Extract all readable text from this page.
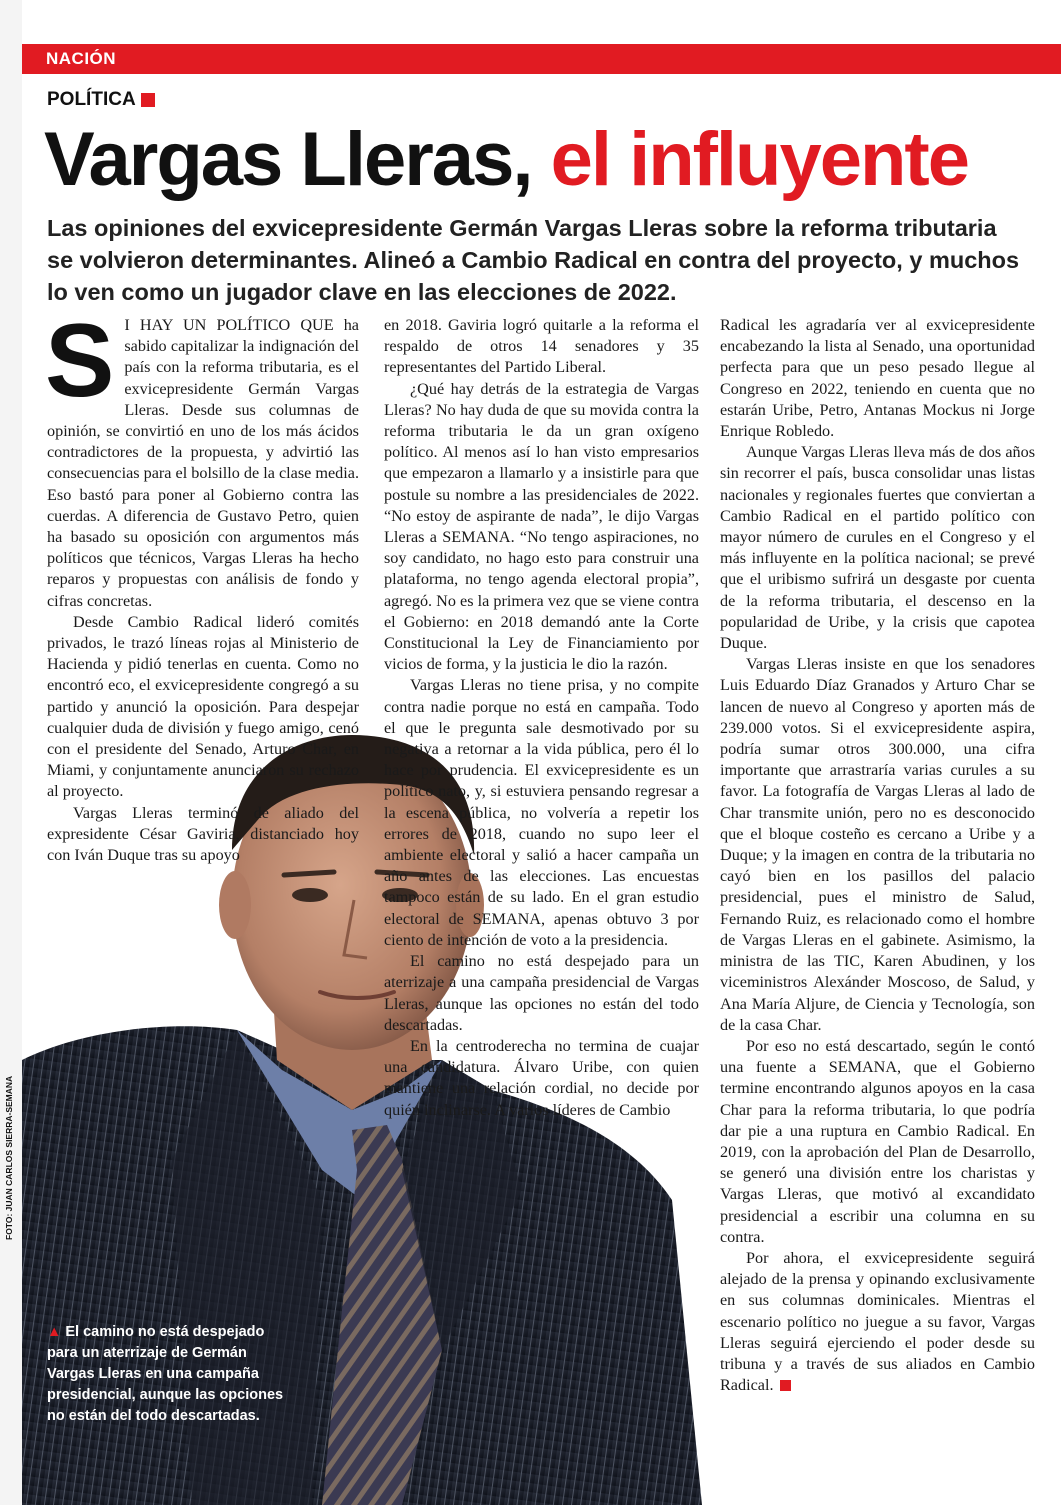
NACIÓN
POLÍTICA
Vargas Lleras, el influyente
Las opiniones del exvicepresidente Germán Vargas Lleras sobre la reforma tributaria se volvieron determinantes. Alineó a Cambio Radical en contra del proyecto, y muchos lo ven como un jugador clave en las elecciones de 2022.
▲ El camino no está despejado para un aterrizaje de Germán Vargas Lleras en una campaña presidencial, aunque las opciones no están del todo descartadas.
FOTO: JUAN CARLOS SIERRA-SEMANA

S I HAY UN POLÍTICO QUE ha sabido capitalizar la indignación del país con la reforma tributaria, es el exvicepresidente Germán Vargas Lleras. Desde sus columnas de opinión, se convirtió en uno de los más ácidos contradictores de la propuesta, y advirtió las consecuencias para el bolsillo de la clase media. Eso bastó para poner al Gobierno contra las cuerdas. A diferencia de Gustavo Petro, quien ha basado su oposición con argumentos más políticos que técnicos, Vargas Lleras ha hecho reparos y propuestas con análisis de fondo y cifras concretas.

Desde Cambio Radical lideró comités privados, le trazó líneas rojas al Ministerio de Hacienda y pidió tenerlas en cuenta. Como no encontró eco, el exvicepresidente congregó a su partido y anunció la oposición. Para despejar cualquier duda de división y fuego amigo, cenó con el presidente del Senado, Arturo Char, en Miami, y conjuntamente anunciaron su rechazo al proyecto.

Vargas Lleras terminó de aliado del expresidente César Gaviria, distanciado hoy con Iván Duque tras su apoyo

en 2018. Gaviria logró quitarle a la reforma el respaldo de otros 14 senadores y 35 representantes del Partido Liberal.

¿Qué hay detrás de la estrategia de Vargas Lleras? No hay duda de que su movida contra la reforma tributaria le da un gran oxígeno político. Al menos así lo han visto empresarios que empezaron a llamarlo y a insistirle para que postule su nombre a las presidenciales de 2022. “No estoy de aspirante de nada”, le dijo Vargas Lleras a SEMANA. “No tengo aspiraciones, no soy candidato, no hago esto para construir una plataforma, no tengo agenda electoral propia”, agregó. No es la primera vez que se viene contra el Gobierno: en 2018 demandó ante la Corte Constitucional la Ley de Financiamiento por vicios de forma, y la justicia le dio la razón.

Vargas Lleras no tiene prisa, y no compite contra nadie porque no está en campaña. Todo el que le pregunta sale desmotivado por su negativa a retornar a la vida pública, pero él lo hace por prudencia. El exvicepresidente es un político nato, y, si estuviera pensando regresar a la escena pública, no volvería a repetir los errores de 2018, cuando no supo leer el ambiente electoral y salió a hacer campaña un año antes de las elecciones. Las encuestas tampoco están de su lado. En el gran estudio electoral de SEMANA, apenas obtuvo 3 por ciento de intención de voto a la presidencia.

El camino no está despejado para un aterrizaje a una campaña presidencial de Vargas Lleras, aunque las opciones no están del todo descartadas.

En la centroderecha no termina de cuajar una candidatura. Álvaro Uribe, con quien mantiene una relación cordial, no decide por quién inclinarse. A varios líderes de Cambio

Radical les agradaría ver al exvicepresidente encabezando la lista al Senado, una oportunidad perfecta para que un peso pesado llegue al Congreso en 2022, teniendo en cuenta que no estarán Uribe, Petro, Antanas Mockus ni Jorge Enrique Robledo.

Aunque Vargas Lleras lleva más de dos años sin recorrer el país, busca consolidar unas listas nacionales y regionales fuertes que conviertan a Cambio Radical en el partido político con mayor número de curules en el Congreso y el más influyente en la política nacional; se prevé que el uribismo sufrirá un desgaste por cuenta de la reforma tributaria, el descenso en la popularidad de Uribe, y la crisis que capotea Duque.

Vargas Lleras insiste en que los senadores Luis Eduardo Díaz Granados y Arturo Char se lancen de nuevo al Congreso y aporten más de 239.000 votos. Si el exvicepresidente aspira, podría sumar otros 300.000, una cifra importante que arrastraría varias curules a su favor. La fotografía de Vargas Lleras al lado de Char transmite unión, pero no es desconocido que el bloque costeño es cercano a Uribe y a Duque; y la imagen en contra de la tributaria no cayó bien en los pasillos del palacio presidencial, pues el ministro de Salud, Fernando Ruiz, es relacionado como el hombre de Vargas Lleras en el gabinete. Asimismo, la ministra de las TIC, Karen Abudinen, y los viceministros Alexánder Moscoso, de Salud, y Ana María Aljure, de Ciencia y Tecnología, son de la casa Char.

Por eso no está descartado, según le contó una fuente a SEMANA, que el Gobierno termine encontrando algunos apoyos en la casa Char para la reforma tributaria, lo que podría dar pie a una ruptura en Cambio Radical. En 2019, con la aprobación del Plan de Desarrollo, se generó una división entre los charistas y Vargas Lleras, que motivó al excandidato presidencial a escribir una columna en su contra.

Por ahora, el exvicepresidente seguirá alejado de la prensa y opinando exclusivamente en sus columnas dominicales. Mientras el escenario político no juegue a su favor, Vargas Lleras seguirá ejerciendo el poder desde su tribuna y a través de sus aliados en Cambio Radical.
